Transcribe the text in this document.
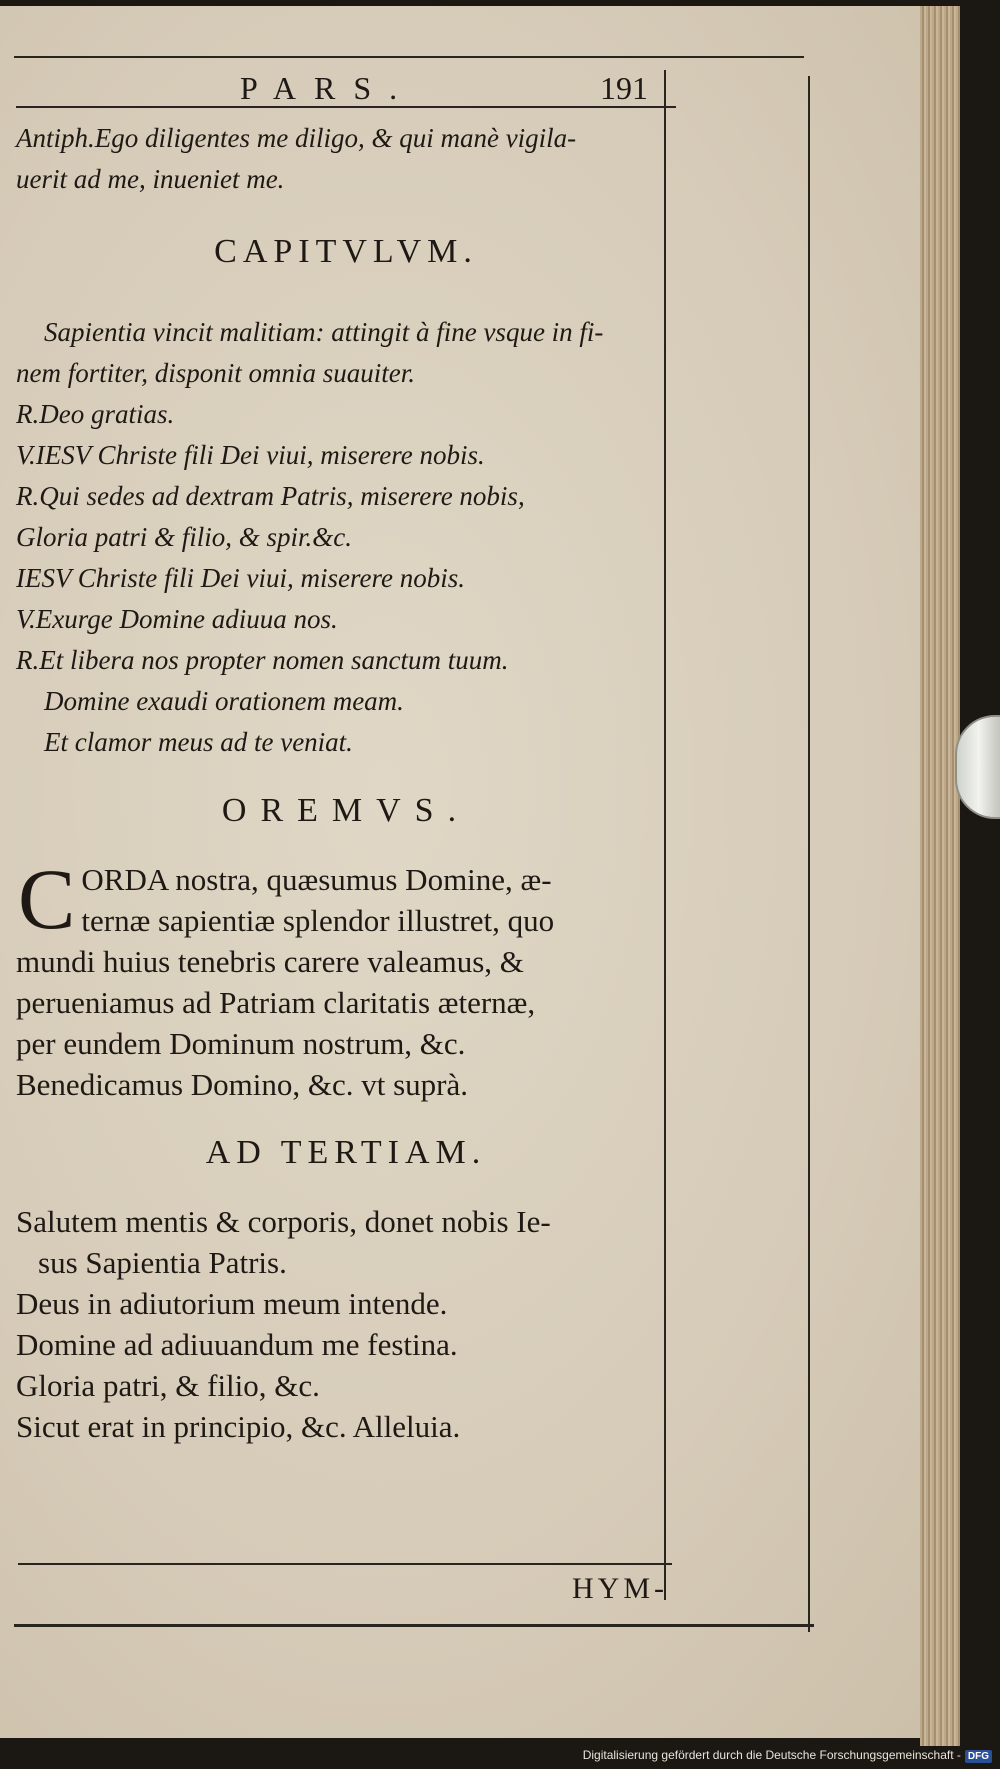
PARS.	191

Antiph.Ego diligentes me diligo, & qui manè vigila-

uerit ad me, inueniet me.

CAPITVLVM.

Sapientia vincit malitiam: attingit à fine vsque in fi-

nem fortiter, disponit omnia suauiter.

R.Deo gratias.

V.IESV Christe fili Dei viui, miserere nobis.

R.Qui sedes ad dextram Patris, miserere nobis,

Gloria patri & filio, & spir.&c.

IESV Christe fili Dei viui, miserere nobis.

V.Exurge Domine adiuua nos.

R.Et libera nos propter nomen sanctum tuum.

Domine exaudi orationem meam.

Et clamor meus ad te veniat.

OREMVS.

C ORDA nostra, quæsumus Domine, æ-

ternæ sapientiæ splendor illustret, quo

mundi huius tenebris carere valeamus, &

perueniamus ad Patriam claritatis æternæ,

per eundem Dominum nostrum, &c.

Benedicamus Domino, &c. vt suprà.

AD TERTIAM.

Salutem mentis & corporis, donet nobis Ie-

sus Sapientia Patris.

Deus in adiutorium meum intende.

Domine ad adiuuandum me festina.

Gloria patri, & filio, &c.

Sicut erat in principio, &c. Alleluia.

HYM-
Digitalisierung gefördert durch die Deutsche Forschungsgemeinschaft - DFG
